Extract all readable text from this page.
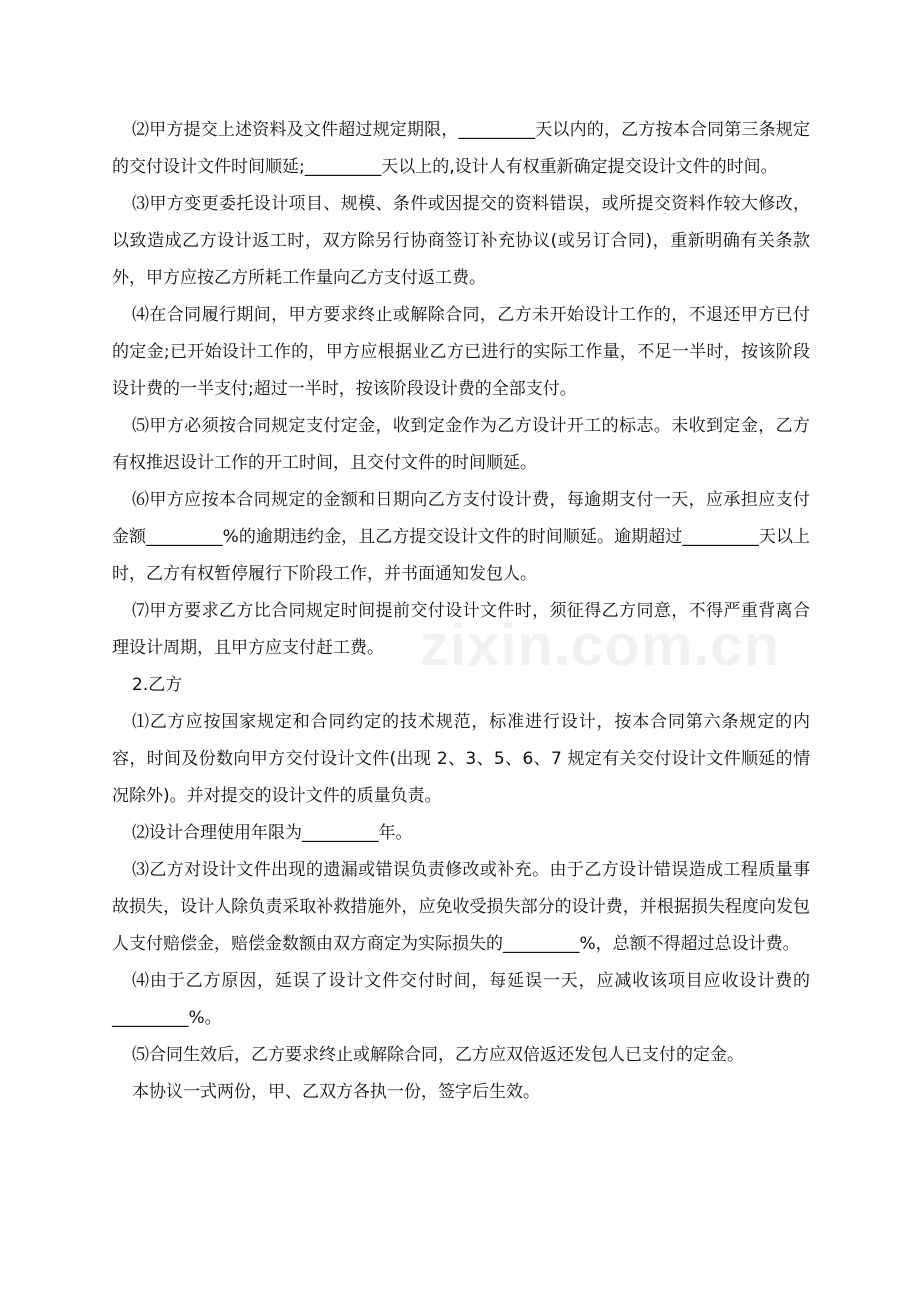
zixin.com.cn

⑵甲方提交上述资料及文件超过规定期限，_________天以内的，乙方按本合同第三条规定的交付设计文件时间顺延;_________天以上的,设计人有权重新确定提交设计文件的时间。

⑶甲方变更委托设计项目、规模、条件或因提交的资料错误，或所提交资料作较大修改，以致造成乙方设计返工时，双方除另行协商签订补充协议(或另订合同)，重新明确有关条款外，甲方应按乙方所耗工作量向乙方支付返工费。

⑷在合同履行期间，甲方要求终止或解除合同，乙方未开始设计工作的，不退还甲方已付的定金;已开始设计工作的，甲方应根据业乙方已进行的实际工作量，不足一半时，按该阶段设计费的一半支付;超过一半时，按该阶段设计费的全部支付。

⑸甲方必须按合同规定支付定金，收到定金作为乙方设计开工的标志。未收到定金，乙方有权推迟设计工作的开工时间，且交付文件的时间顺延。

⑹甲方应按本合同规定的金额和日期向乙方支付设计费，每逾期支付一天，应承担应支付金额_________%的逾期违约金，且乙方提交设计文件的时间顺延。逾期超过_________天以上时，乙方有权暂停履行下阶段工作，并书面通知发包人。

⑺甲方要求乙方比合同规定时间提前交付设计文件时，须征得乙方同意，不得严重背离合理设计周期，且甲方应支付赶工费。

2.乙方

⑴乙方应按国家规定和合同约定的技术规范，标准进行设计，按本合同第六条规定的内容，时间及份数向甲方交付设计文件(出现 2、3、5、6、7 规定有关交付设计文件顺延的情况除外)。并对提交的设计文件的质量负责。

⑵设计合理使用年限为_________年。

⑶乙方对设计文件出现的遗漏或错误负责修改或补充。由于乙方设计错误造成工程质量事故损失，设计人除负责采取补救措施外，应免收受损失部分的设计费，并根据损失程度向发包人支付赔偿金，赔偿金数额由双方商定为实际损失的_________%，总额不得超过总设计费。

⑷由于乙方原因，延误了设计文件交付时间，每延误一天，应减收该项目应收设计费的_________%。

⑸合同生效后，乙方要求终止或解除合同，乙方应双倍返还发包人已支付的定金。

本协议一式两份，甲、乙双方各执一份，签字后生效。
